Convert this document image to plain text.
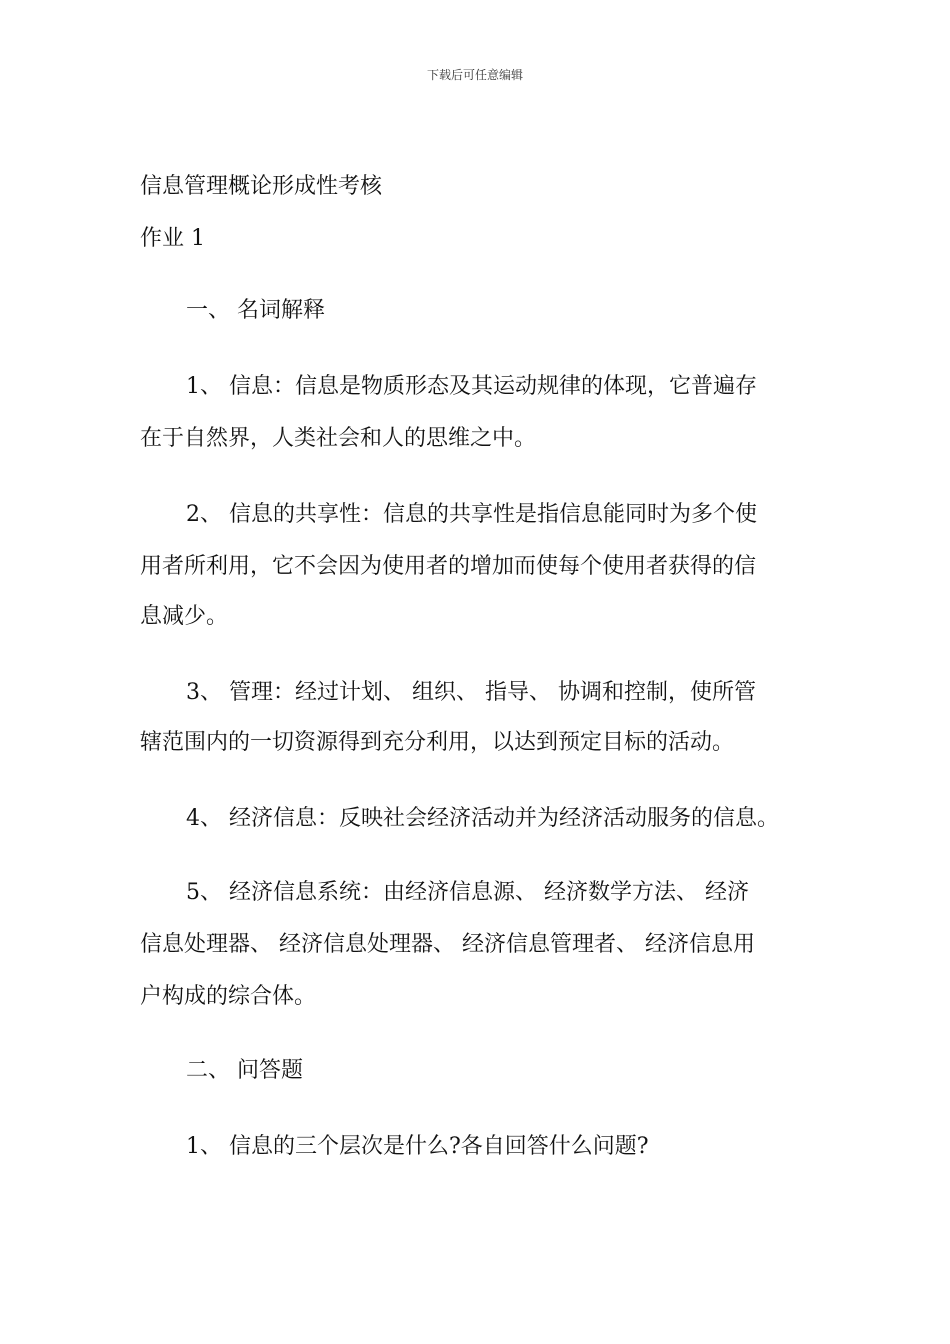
下载后可任意编辑
信息管理概论形成性考核
作业 1
一、 名词解释
1、 信息：信息是物质形态及其运动规律的体现，它普遍存
在于自然界，人类社会和人的思维之中。
2、 信息的共享性：信息的共享性是指信息能同时为多个使
用者所利用，它不会因为使用者的增加而使每个使用者获得的信
息减少。
3、 管理：经过计划、 组织、 指导、 协调和控制，使所管
辖范围内的一切资源得到充分利用，以达到预定目标的活动。
4、 经济信息：反映社会经济活动并为经济活动服务的信息。
5、 经济信息系统：由经济信息源、 经济数学方法、 经济
信息处理器、 经济信息处理器、 经济信息管理者、 经济信息用
户构成的综合体。
二、 问答题
1、 信息的三个层次是什么?各自回答什么问题?
